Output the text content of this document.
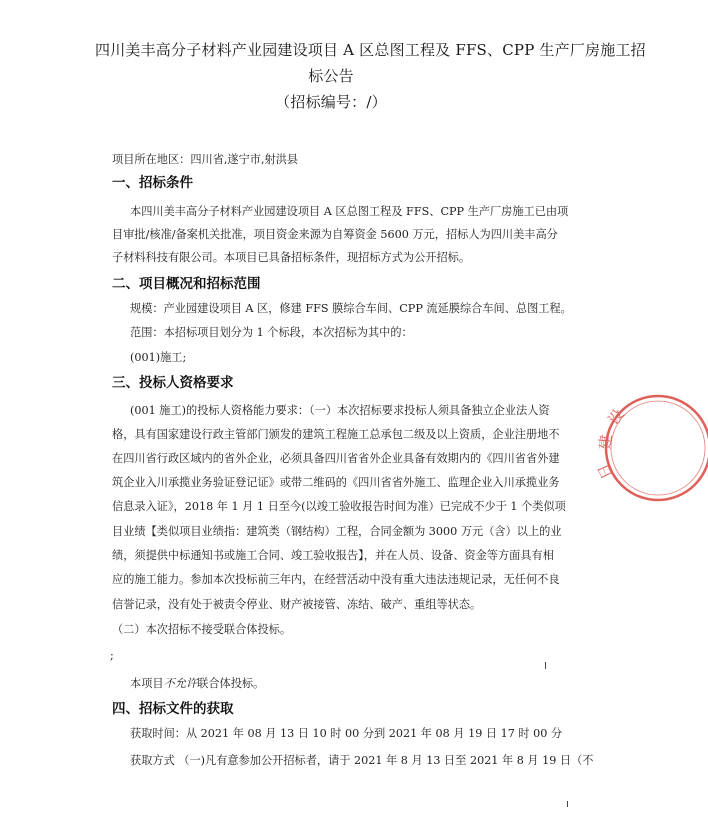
四川美丰高分子材料产业园建设项目 A 区总图工程及 FFS、CPP 生产厂房施工招
标公告
（招标编号：/）
项目所在地区：四川省,遂宁市,射洪县
一、招标条件
本四川美丰高分子材料产业园建设项目 A 区总图工程及 FFS、CPP 生产厂房施工已由项
目审批/核准/备案机关批准，项目资金来源为自筹资金 5600 万元，招标人为四川美丰高分
子材料科技有限公司。本项目已具备招标条件，现招标方式为公开招标。
二、项目概况和招标范围
规模：产业园建设项目 A 区，修建 FFS 膜综合车间、CPP 流延膜综合车间、总图工程。
范围：本招标项目划分为 1 个标段，本次招标为其中的：
(001)施工;
三、投标人资格要求
(001 施工)的投标人资格能力要求：（一）本次招标要求投标人须具备独立企业法人资
格，具有国家建设行政主管部门颁发的建筑工程施工总承包二级及以上资质，企业注册地不
在四川省行政区域内的省外企业，必须具备四川省省外企业具备有效期内的《四川省省外建
筑企业入川承揽业务验证登记证》或带二维码的《四川省省外施工、监理企业入川承揽业务
信息录入证》，2018 年 1 月 1 日至今(以竣工验收报告时间为准）已完成不少于 1 个类似项
目业绩【类似项目业绩指：建筑类（钢结构）工程，合同金额为 3000 万元（含）以上的业
绩，须提供中标通知书或施工合同、竣工验收报告】，并在人员、设备、资金等方面具有相
应的施工能力。参加本次投标前三年内，在经营活动中没有重大违法违规记录，无任何不良
信誉记录，没有处于被责令停业、财产被接管、冻结、破产、重组等状态。
（二）本次招标不接受联合体投标。
;
本项目不允许联合体投标。
四、招标文件的获取
获取时间：从 2021 年 08 月 13 日 10 时 00 分到 2021 年 08 月 19 日 17 时 00 分
获取方式 （一)凡有意参加公开招标者，请于 2021 年 8 月 13 日至 2021 年 8 月 19 日（不
设
建
日
